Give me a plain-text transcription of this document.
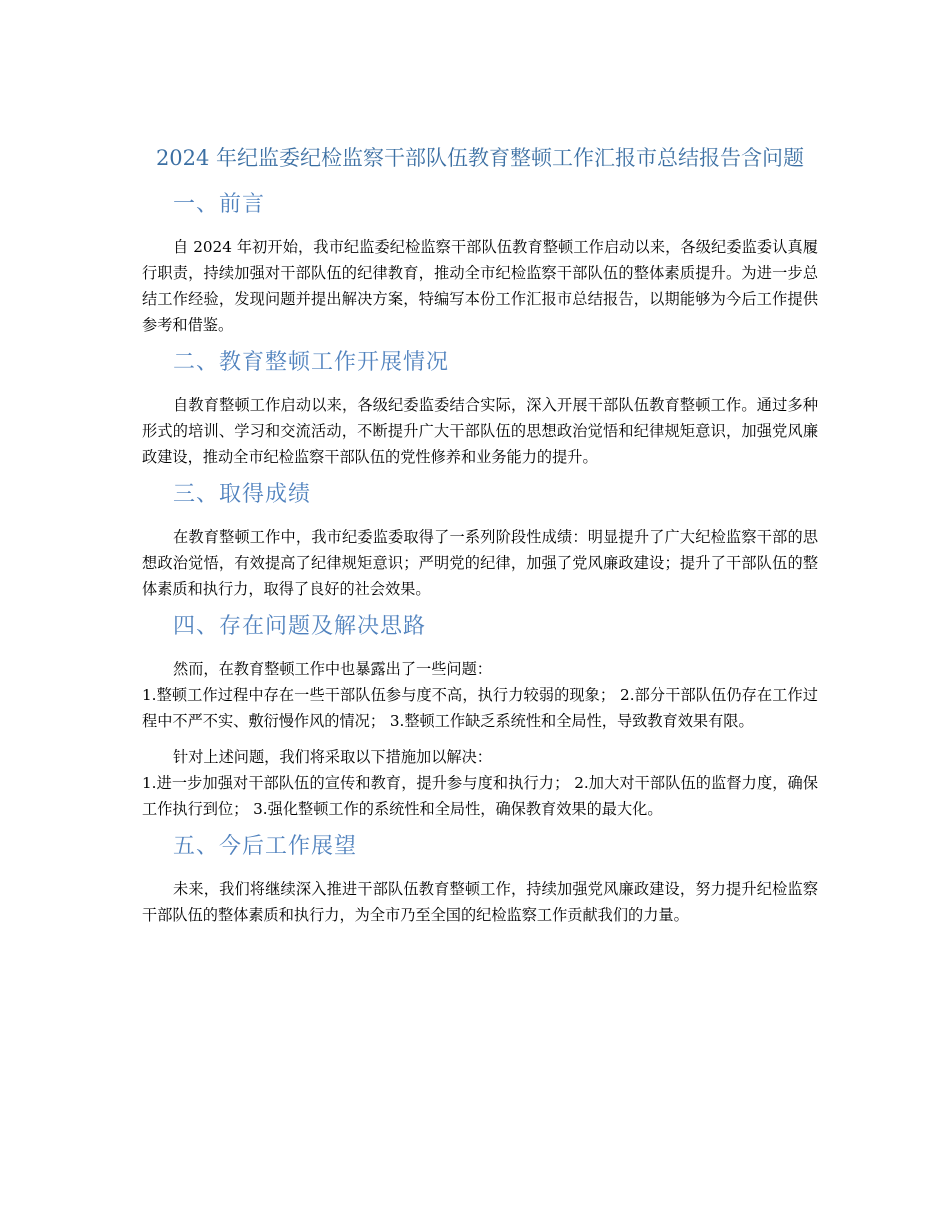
2024 年纪监委纪检监察干部队伍教育整顿工作汇报市总结报告含问题
一、前言

自 2024 年初开始，我市纪监委纪检监察干部队伍教育整顿工作启动以来，各级纪委监委认真履行职责，持续加强对干部队伍的纪律教育，推动全市纪检监察干部队伍的整体素质提升。为进一步总结工作经验，发现问题并提出解决方案，特编写本份工作汇报市总结报告，以期能够为今后工作提供参考和借鉴。

二、教育整顿工作开展情况

自教育整顿工作启动以来，各级纪委监委结合实际，深入开展干部队伍教育整顿工作。通过多种形式的培训、学习和交流活动，不断提升广大干部队伍的思想政治觉悟和纪律规矩意识，加强党风廉政建设，推动全市纪检监察干部队伍的党性修养和业务能力的提升。

三、取得成绩

在教育整顿工作中，我市纪委监委取得了一系列阶段性成绩：明显提升了广大纪检监察干部的思想政治觉悟，有效提高了纪律规矩意识；严明党的纪律，加强了党风廉政建设；提升了干部队伍的整体素质和执行力，取得了良好的社会效果。

四、存在问题及解决思路

然而，在教育整顿工作中也暴露出了一些问题：

1.整顿工作过程中存在一些干部队伍参与度不高，执行力较弱的现象； 2.部分干部队伍仍存在工作过程中不严不实、敷衍慢作风的情况； 3.整顿工作缺乏系统性和全局性，导致教育效果有限。

针对上述问题，我们将采取以下措施加以解决：

1.进一步加强对干部队伍的宣传和教育，提升参与度和执行力； 2.加大对干部队伍的监督力度，确保工作执行到位； 3.强化整顿工作的系统性和全局性，确保教育效果的最大化。

五、今后工作展望

未来，我们将继续深入推进干部队伍教育整顿工作，持续加强党风廉政建设，努力提升纪检监察干部队伍的整体素质和执行力，为全市乃至全国的纪检监察工作贡献我们的力量。
